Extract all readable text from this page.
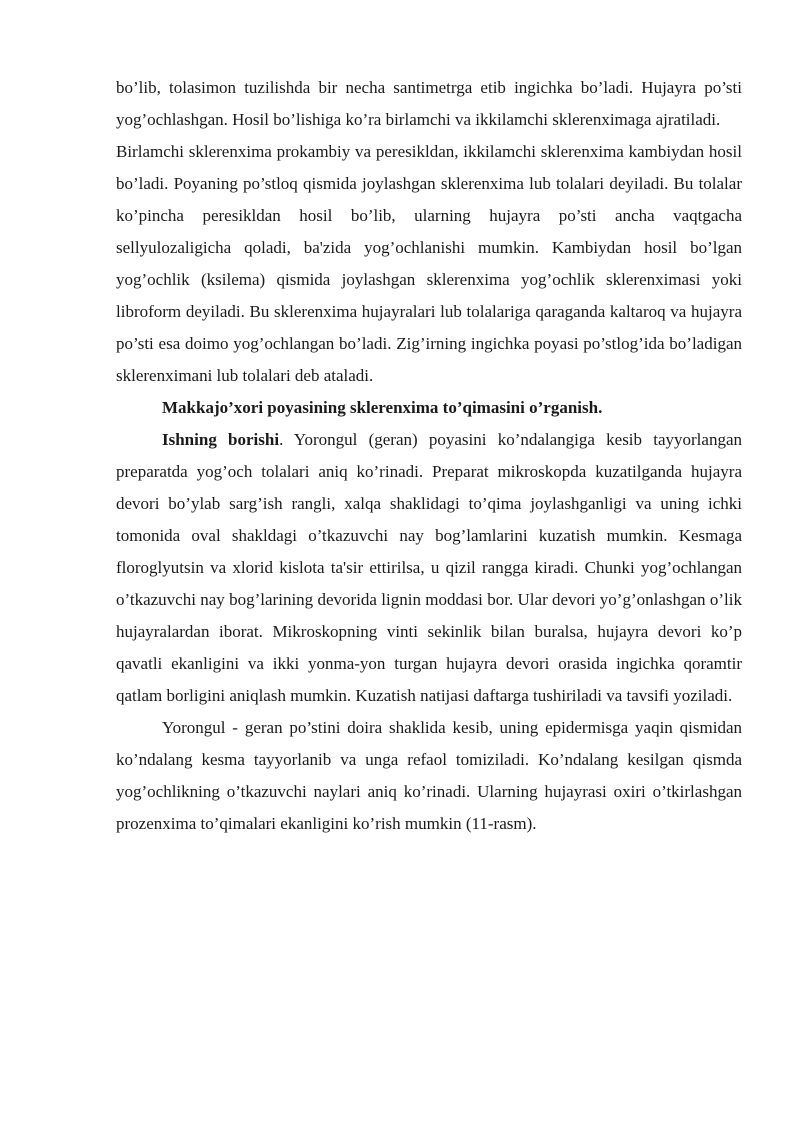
bo’lib, tolasimon tuzilishda bir necha santimetrga etib ingichka bo’ladi. Hujayra po’sti yog’ochlashgan. Hosil bo’lishiga ko’ra birlamchi va ikkilamchi sklerenximaga ajratiladi.

Birlamchi sklerenxima prokambiy va peresikldan, ikkilamchi sklerenxima kambiydan hosil bo’ladi. Poyaning po’stloq qismida joylashgan sklerenxima lub tolalari deyiladi. Bu tolalar ko’pincha peresikldan hosil bo’lib, ularning hujayra po’sti ancha vaqtgacha sellyulozaligicha qoladi, ba'zida yog’ochlanishi mumkin. Kambiydan hosil bo’lgan yog’ochlik (ksilema) qismida joylashgan sklerenxima yog’ochlik sklerenximasi yoki libroform deyiladi. Bu sklerenxima hujayralari lub tolalariga qaraganda kaltaroq va hujayra po’sti esa doimo yog’ochlangan bo’ladi. Zig’irning ingichka poyasi po’stlog’ida bo’ladigan sklerenximani lub tolalari deb ataladi.

Makkajo’xori poyasining sklerenxima to’qimasini o’rganish.

Ishning borishi. Yorongul (geran) poyasini ko’ndalangiga kesib tayyorlangan preparatda yog’och tolalari aniq ko’rinadi. Preparat mikroskopda kuzatilganda hujayra devori bo’ylab sarg’ish rangli, xalqa shaklidagi to’qima joylashganligi va uning ichki tomonida oval shakldagi o’tkazuvchi nay bog’lamlarini kuzatish mumkin. Kesmaga floroglyutsin va xlorid kislota ta'sir ettirilsa, u qizil rangga kiradi. Chunki yog’ochlangan o’tkazuvchi nay bog’larining devorida lignin moddasi bor. Ular devori yo’g’onlashgan o’lik hujayralardan iborat. Mikroskopning vinti sekinlik bilan buralsa, hujayra devori ko’p qavatli ekanligini va ikki yonma-yon turgan hujayra devori orasida ingichka qoramtir qatlam borligini aniqlash mumkin. Kuzatish natijasi daftarga tushiriladi va tavsifi yoziladi.

Yorongul - geran po’stini doira shaklida kesib, uning epidermisga yaqin qismidan ko’ndalang kesma tayyorlanib va unga refaol tomiziladi. Ko’ndalang kesilgan qismda yog’ochlikning o’tkazuvchi naylari aniq ko’rinadi. Ularning hujayrasi oxiri o’tkirlashgan prozenxima to’qimalari ekanligini ko’rish mumkin (11-rasm).
